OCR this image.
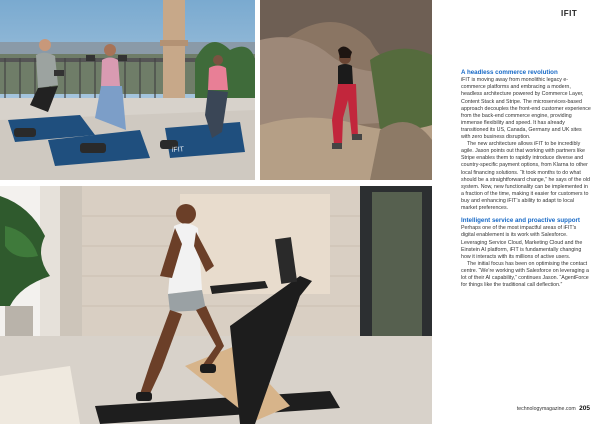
iFIT
IFIT
A headless commerce revolution

iFIT is moving away from monolithic legacy e-commerce platforms and embracing a modern, headless architecture powered by Commerce Layer, Content Stack and Stripe. The microservices-based approach decouples the front-end customer experience from the back-end commerce engine, providing immense flexibility and speed. It has already transitioned its US, Canada, Germany and UK sites with zero business disruption.

The new architecture allows iFIT to be incredibly agile. Jason points out that working with partners like Stripe enables them to rapidly introduce diverse and country-specific payment options, from Klarna to other local financing solutions. “It took months to do what should be a straightforward change,” he says of the old system. Now, new functionality can be implemented in a fraction of the time, making it easier for customers to buy and enhancing iFIT’s ability to adapt to local market preferences.

Intelligent service and proactive support

Perhaps one of the most impactful areas of iFIT’s digital enablement is its work with Salesforce. Leveraging Service Cloud, Marketing Cloud and the Einstein AI platform, iFIT is fundamentally changing how it interacts with its millions of active users.

The initial focus has been on optimising the contact centre. “We’re working with Salesforce on leveraging a lot of their AI capability,” continues Jason. “AgentForce for things like the traditional call deflection.”

technologymagazine.com 205
